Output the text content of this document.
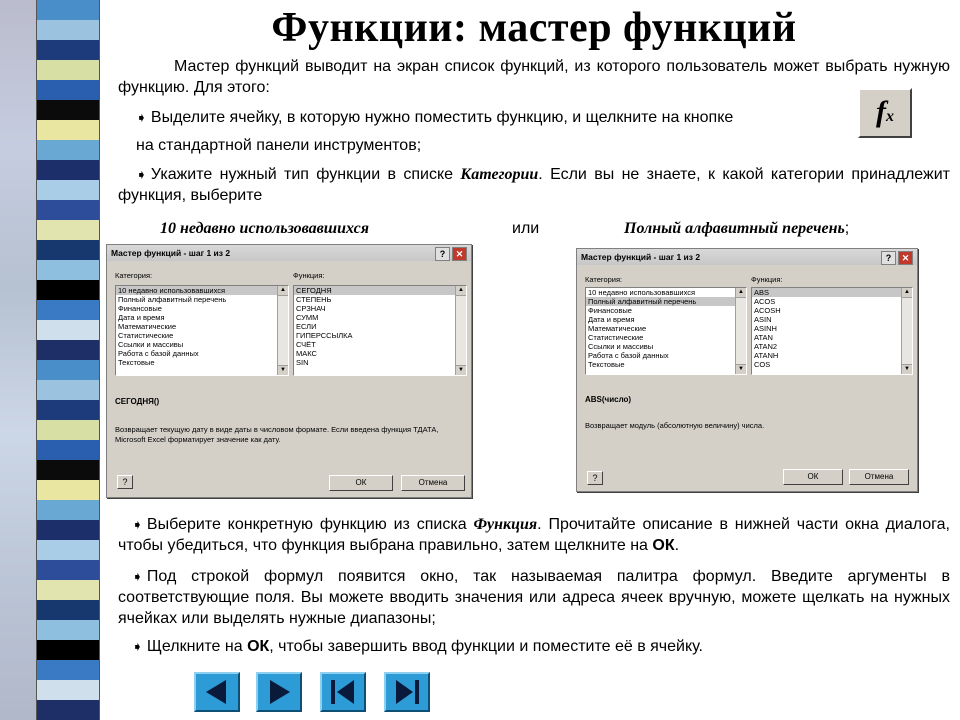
Функции: мастер функций
Мастер функций выводит на экран список функций, из которого пользователь может выбрать нужную функцию. Для этого:
➧ Выделите ячейку, в которую нужно поместить функцию, и щелкните на кнопке
на стандартной панели инструментов;
fx
➧ Укажите нужный тип функции в списке Категории. Если вы не знаете, к какой категории принадлежит функция, выберите
10 недавно использовавшихся	или	Полный алфавитный перечень;
Мастер функций - шаг 1 из 2	?	✕
Категория:	Функция:
10 недавно использовавшихся
Полный алфавитный перечень
Финансовые
Дата и время
Математические
Статистические
Ссылки и массивы
Работа с базой данных
Текстовые
▲
▼
СЕГОДНЯ
СТЕПЕНЬ
СРЗНАЧ
СУММ
ЕСЛИ
ГИПЕРССЫЛКА
СЧЁТ
МАКС
SIN
▲
▼
СЕГОДНЯ()
Возвращает текущую дату в виде даты в числовом формате. Если введена функция ТДАТА, Microsoft Excel форматирует значение как дату.
?	ОК	Отмена
Мастер функций - шаг 1 из 2	?	✕
Категория:	Функция:
10 недавно использовавшихся
Полный алфавитный перечень
Финансовые
Дата и время
Математические
Статистические
Ссылки и массивы
Работа с базой данных
Текстовые
▲
▼
ABS
ACOS
ACOSH
ASIN
ASINH
ATAN
ATAN2
ATANH
COS
▲
▼
ABS(число)
Возвращает модуль (абсолютную величину) числа.
?	ОК	Отмена
➧ Выберите конкретную функцию из списка Функция. Прочитайте описание в нижней части окна диалога, чтобы убедиться, что функция выбрана правильно, затем щелкните на ОК.
➧ Под строкой формул появится окно, так называемая палитра формул. Введите аргументы в соответствующие поля. Вы можете вводить значения или адреса ячеек вручную, можете щелкать на нужных ячейках или выделять нужные диапазоны;
➧ Щелкните на ОК, чтобы завершить ввод функции и поместите её в ячейку.
